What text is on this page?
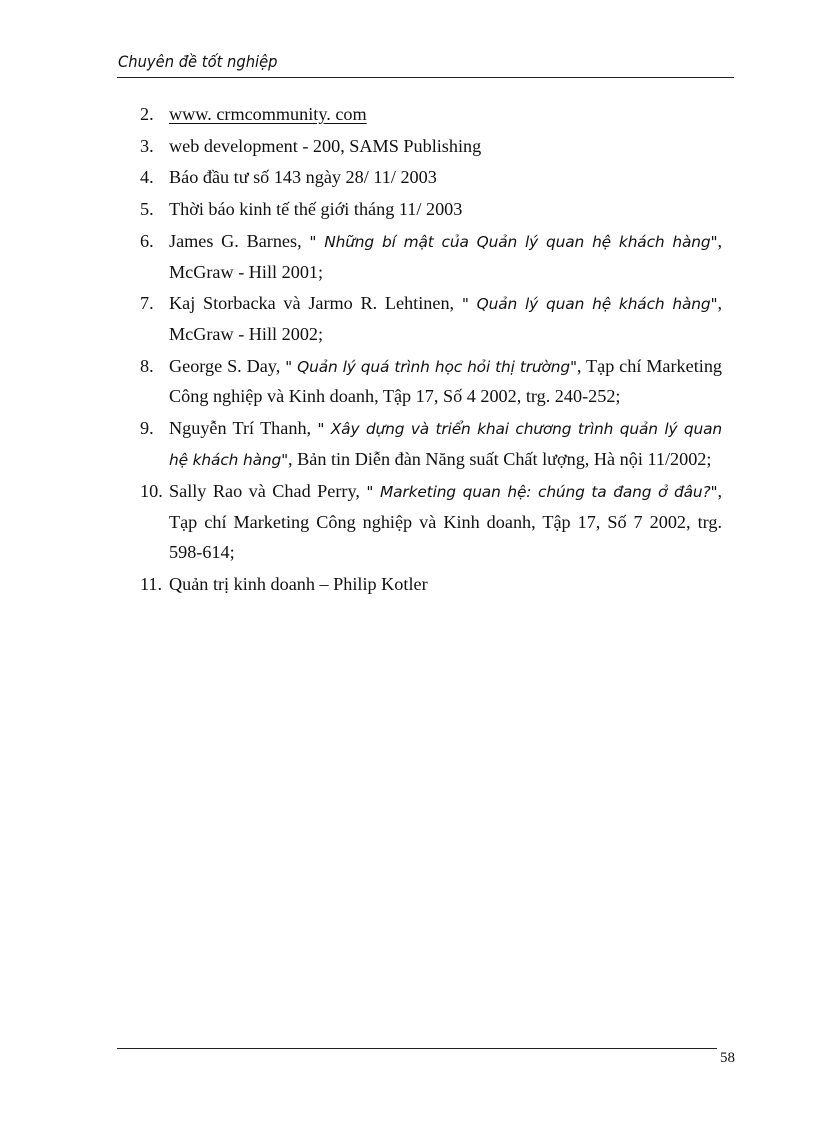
Chuyên đề tốt nghiệp
2. www. crmcommunity. com
3. web development - 200, SAMS Publishing
4. Báo đầu tư số 143 ngày 28/ 11/ 2003
5. Thời báo kinh tế thế giới tháng 11/ 2003
6. James G. Barnes, " Những bí mật của Quản lý quan hệ khách hàng", McGraw - Hill 2001;
7. Kaj Storbacka và Jarmo R. Lehtinen, " Quản lý quan hệ khách hàng", McGraw - Hill 2002;
8. George S. Day, " Quản lý quá trình học hỏi thị trường", Tạp chí Marketing Công nghiệp và Kinh doanh, Tập 17, Số 4 2002, trg. 240-252;
9. Nguyễn Trí Thanh, " Xây dựng và triển khai chương trình quản lý quan hệ khách hàng", Bản tin Diễn đàn Năng suất Chất lượng, Hà nội 11/2002;
10. Sally Rao và Chad Perry, " Marketing quan hệ: chúng ta đang ở đâu?", Tạp chí Marketing Công nghiệp và Kinh doanh, Tập 17, Số 7 2002, trg. 598-614;
11. Quản trị kinh doanh – Philip Kotler
58
